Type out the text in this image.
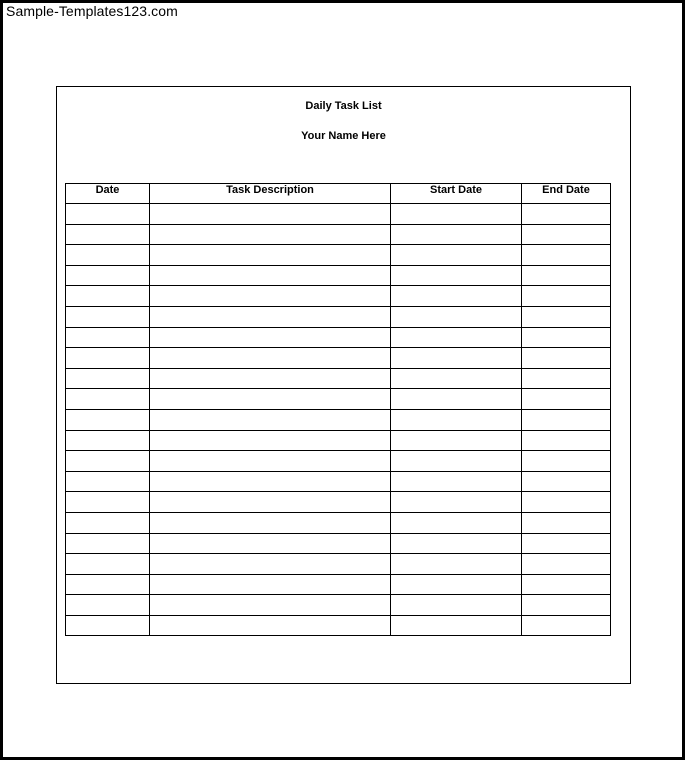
Sample-Templates123.com
Daily Task List
Your Name Here
Date	Task Description	Start Date	End Date
